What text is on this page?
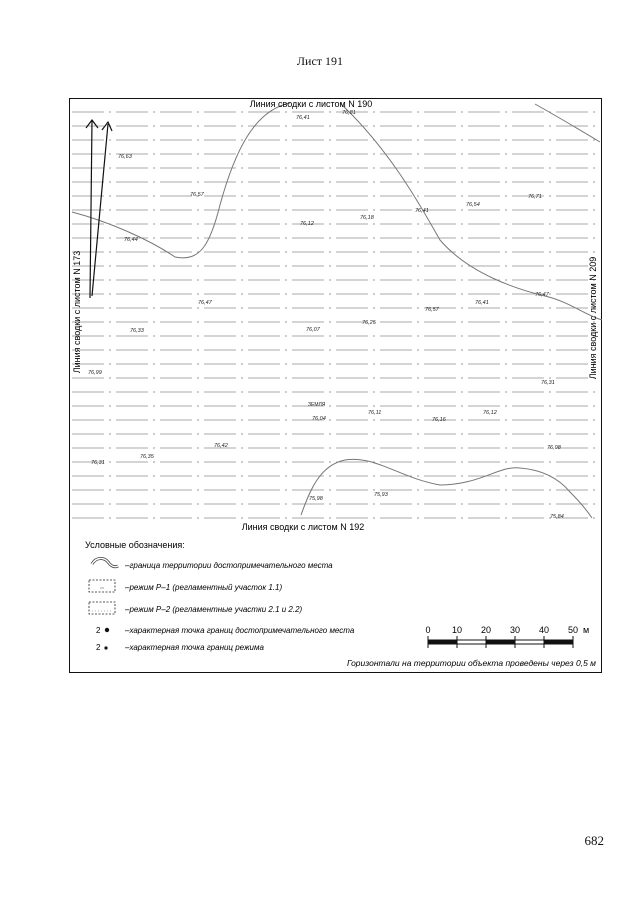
Лист 191
Линия сводки с листом N 190
Линия сводки с листом N 192
Линия сводки с листом N 173	Линия сводки с листом N 209
76,41
76,81
76,63
76,57
76,12
76,18
76,41
76,54
76,71
76,44
76,47
76,57
76,41
76,47
76,25
76,07
76,33
76,99
76,31
76,04
76,11
76,16
76,12
76,42
76,35
76,31
76,08
75,98
75,93
75,84
ЗЕМЛЯ
Условные обозначения:
–граница территории достопримечательного места
–режим Р–1 (регламентный участок 1.1)
–режим Р–2 (регламентные участки 2.1 и 2.2)
2	–характерная точка границ достопримечательного места
2	–характерная точка границ режима
0 10 20 30 40 50 м
Горизонтали на территории объекта проведены через 0,5 м
682
